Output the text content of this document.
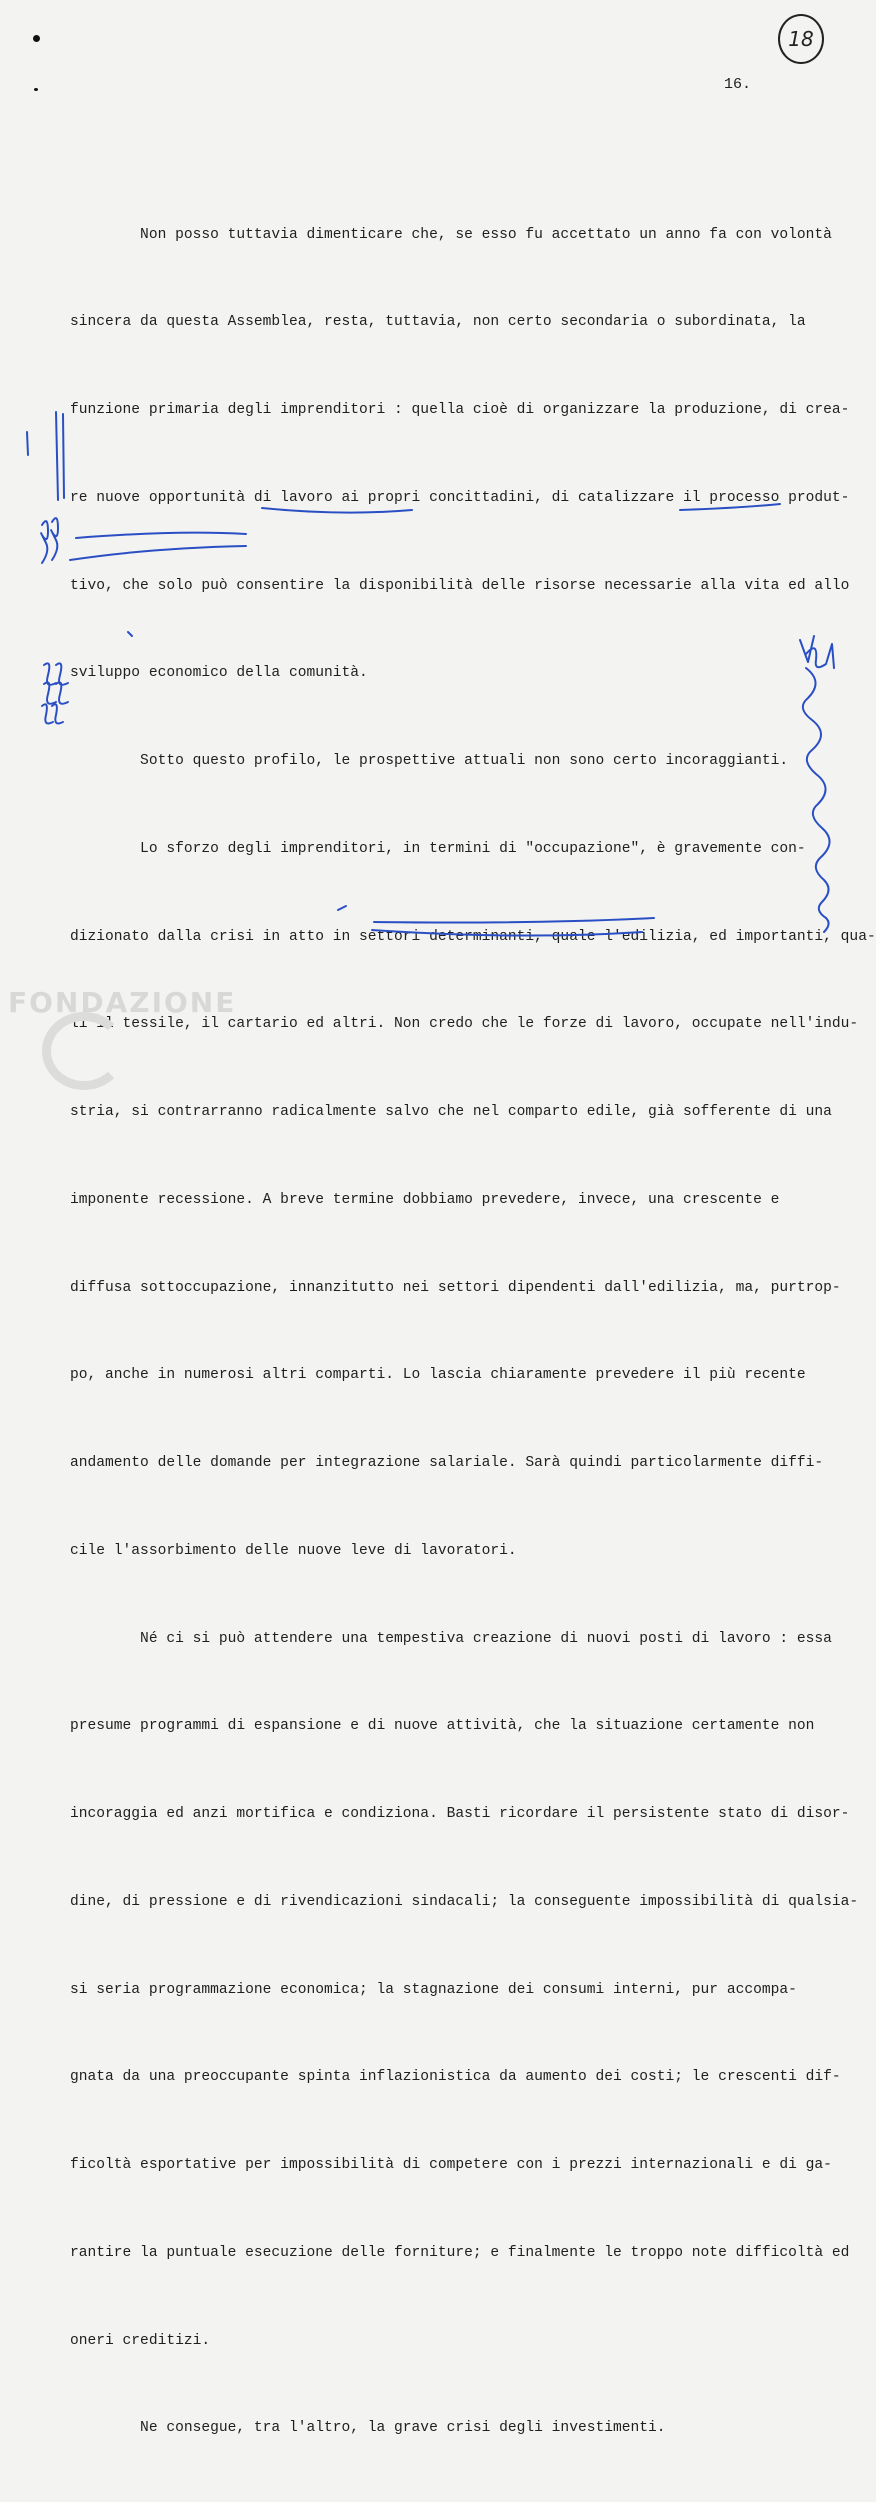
18
16.

Non posso tuttavia dimenticare che, se esso fu accettato un anno fa con volontà

sincera da questa Assemblea, resta, tuttavia, non certo secondaria o subordinata, la

funzione primaria degli imprenditori : quella cioè di organizzare la produzione, di crea-

re nuove opportunità di lavoro ai propri concittadini, di catalizzare il processo produt-

tivo, che solo può consentire la disponibilità delle risorse necessarie alla vita ed allo

sviluppo economico della comunità.

Sotto questo profilo, le prospettive attuali non sono certo incoraggianti.

Lo sforzo degli imprenditori, in termini di "occupazione", è gravemente con-

dizionato dalla crisi in atto in settori determinanti, quale l'edilizia, ed importanti, qua-

li il tessile, il cartario ed altri. Non credo che le forze di lavoro, occupate nell'indu-

stria, si contrarranno radicalmente salvo che nel comparto edile, già sofferente di una

imponente recessione. A breve termine dobbiamo prevedere, invece, una crescente e

diffusa sottoccupazione, innanzitutto nei settori dipendenti dall'edilizia, ma, purtrop-

po, anche in numerosi altri comparti. Lo lascia chiaramente prevedere il più recente

andamento delle domande per integrazione salariale. Sarà quindi particolarmente diffi-

cile l'assorbimento delle nuove leve di lavoratori.

Né ci si può attendere una tempestiva creazione di nuovi posti di lavoro : essa

presume programmi di espansione e di nuove attività, che la situazione certamente non

incoraggia ed anzi mortifica e condiziona. Basti ricordare il persistente stato di disor-

dine, di pressione e di rivendicazioni sindacali; la conseguente impossibilità di qualsia-

si seria programmazione economica; la stagnazione dei consumi interni, pur accompa-

gnata da una preoccupante spinta inflazionistica da aumento dei costi; le crescenti dif-

ficoltà esportative per impossibilità di competere con i prezzi internazionali e di ga-

rantire la puntuale esecuzione delle forniture; e finalmente le troppo note difficoltà ed

oneri creditizi.

Ne consegue, tra l'altro, la grave crisi degli investimenti.

FONDAZIONE
